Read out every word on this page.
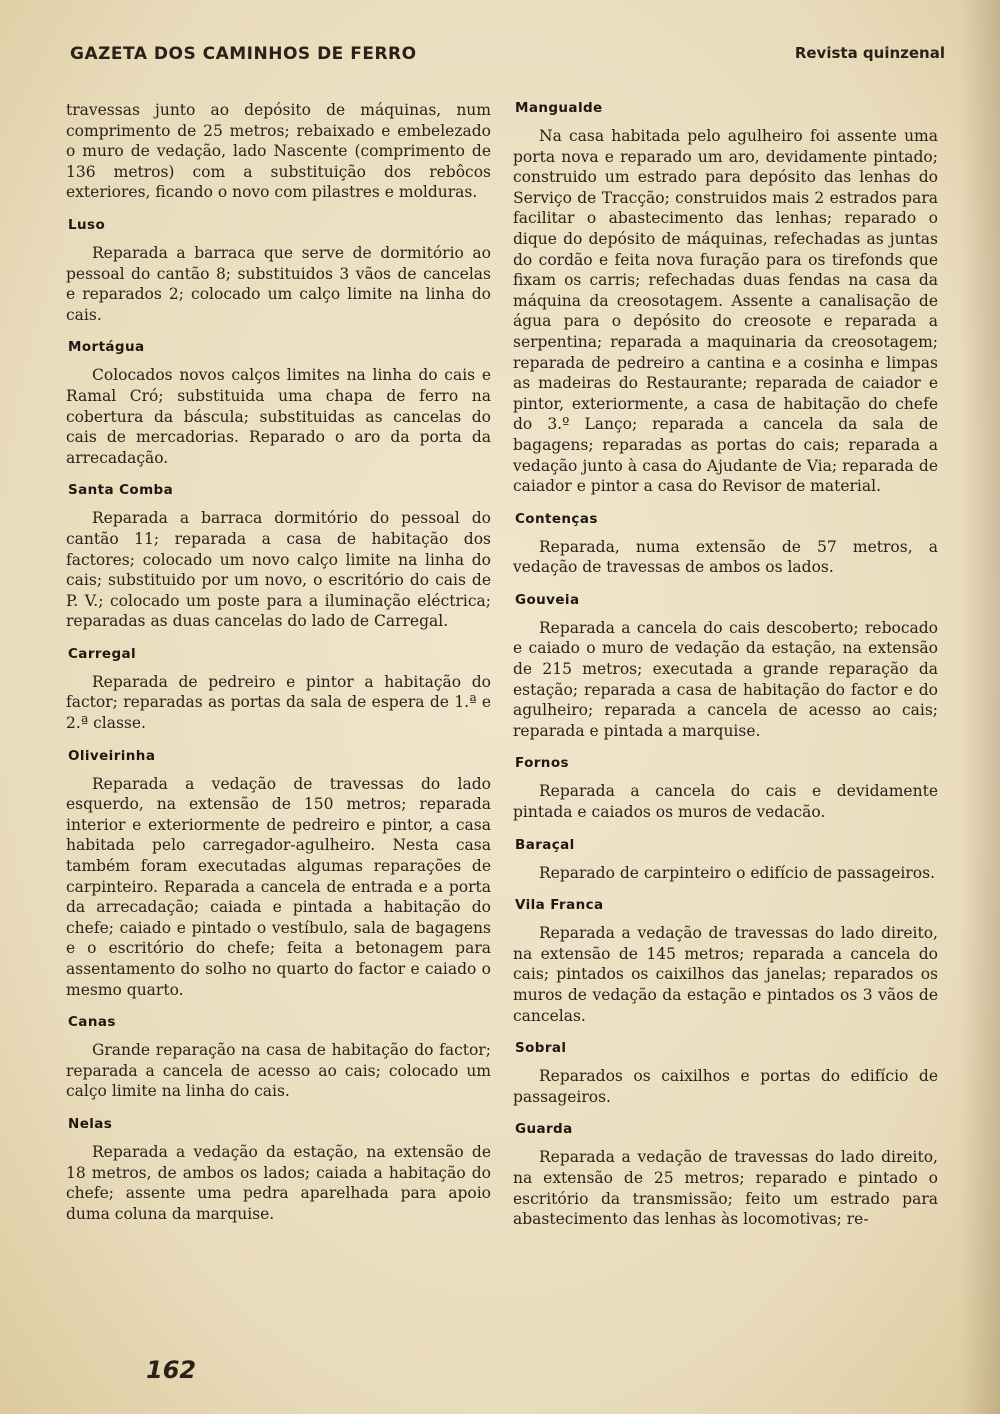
GAZETA DOS CAMINHOS DE FERRO	Revista quinzenal

travessas junto ao depósito de máquinas, num comprimento de 25 metros; rebaixado e embelezado o muro de vedação, lado Nascente (comprimento de 136 metros) com a substituição dos rebôcos exteriores, ficando o novo com pilastres e molduras.

Luso

Reparada a barraca que serve de dormitório ao pessoal do cantão 8; substituidos 3 vãos de cancelas e reparados 2; colocado um calço limite na linha do cais.

Mortágua

Colocados novos calços limites na linha do cais e Ramal Cró; substituida uma chapa de ferro na cobertura da báscula; substituidas as cancelas do cais de mercadorias. Reparado o aro da porta da arrecadação.

Santa Comba

Reparada a barraca dormitório do pessoal do cantão 11; reparada a casa de habitação dos factores; colocado um novo calço limite na linha do cais; substituido por um novo, o escritório do cais de P. V.; colocado um poste para a iluminação eléctrica; reparadas as duas cancelas do lado de Carregal.

Carregal

Reparada de pedreiro e pintor a habitação do factor; reparadas as portas da sala de espera de 1.ª e 2.ª classe.

Oliveirinha

Reparada a vedação de travessas do lado esquerdo, na extensão de 150 metros; reparada interior e exteriormente de pedreiro e pintor, a casa habitada pelo carregador-agulheiro. Nesta casa também foram executadas algumas reparações de carpinteiro. Reparada a cancela de entrada e a porta da arrecadação; caiada e pintada a habitação do chefe; caiado e pintado o vestíbulo, sala de bagagens e o escritório do chefe; feita a betonagem para assentamento do solho no quarto do factor e caiado o mesmo quarto.

Canas

Grande reparação na casa de habitação do factor; reparada a cancela de acesso ao cais; colocado um calço limite na linha do cais.

Nelas

Reparada a vedação da estação, na extensão de 18 metros, de ambos os lados; caiada a habitação do chefe; assente uma pedra aparelhada para apoio duma coluna da marquise.

Mangualde

Na casa habitada pelo agulheiro foi assente uma porta nova e reparado um aro, devidamente pintado; construido um estrado para depósito das lenhas do Serviço de Tracção; construidos mais 2 estrados para facilitar o abastecimento das lenhas; reparado o dique do depósito de máquinas, refechadas as juntas do cordão e feita nova furação para os tirefonds que fixam os carris; refechadas duas fendas na casa da máquina da creosotagem. Assente a canalisação de água para o depósito do creosote e reparada a serpentina; reparada a maquinaria da creosotagem; reparada de pedreiro a cantina e a cosinha e limpas as madeiras do Restaurante; reparada de caiador e pintor, exteriormente, a casa de habitação do chefe do 3.º Lanço; reparada a cancela da sala de bagagens; reparadas as portas do cais; reparada a vedação junto à casa do Ajudante de Via; reparada de caiador e pintor a casa do Revisor de material.

Contenças

Reparada, numa extensão de 57 metros, a vedação de travessas de ambos os lados.

Gouveia

Reparada a cancela do cais descoberto; rebocado e caiado o muro de vedação da estação, na extensão de 215 metros; executada a grande reparação da estação; reparada a casa de habitação do factor e do agulheiro; reparada a cancela de acesso ao cais; reparada e pintada a marquise.

Fornos

Reparada a cancela do cais e devidamente pintada e caiados os muros de vedacão.

Baraçal

Reparado de carpinteiro o edifício de passageiros.

Vila Franca

Reparada a vedação de travessas do lado direito, na extensão de 145 metros; reparada a cancela do cais; pintados os caixilhos das janelas; reparados os muros de vedação da estação e pintados os 3 vãos de cancelas.

Sobral

Reparados os caixilhos e portas do edifício de passageiros.

Guarda

Reparada a vedação de travessas do lado direito, na extensão de 25 metros; reparado e pintado o escritório da transmissão; feito um estrado para abastecimento das lenhas às locomotivas; re-

162
